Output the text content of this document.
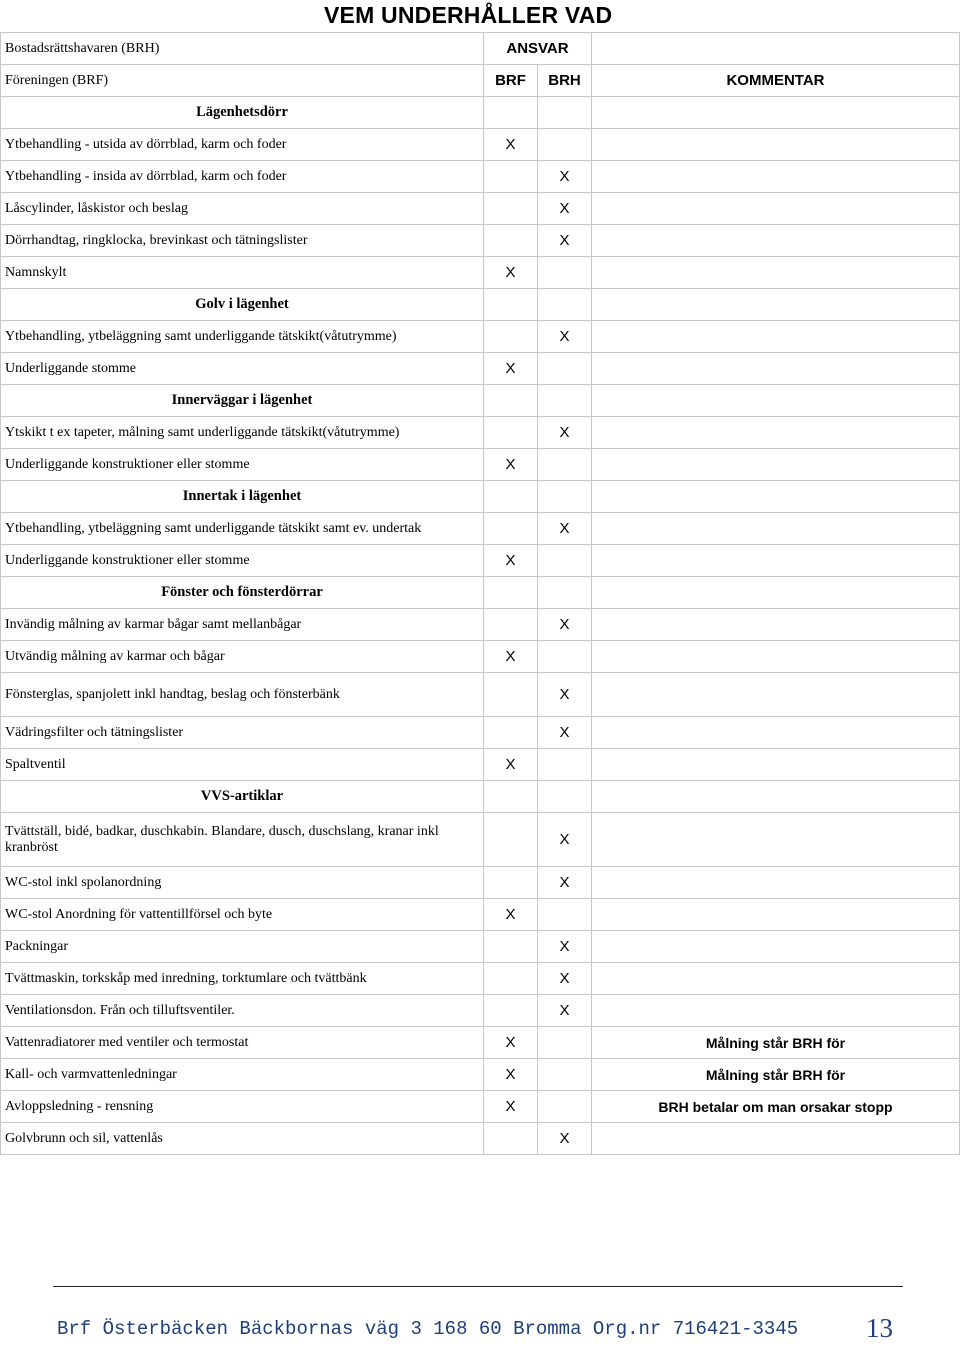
VEM UNDERHÅLLER VAD
Bostadsrättshavaren (BRH)	ANSVAR		
Föreningen (BRF)	BRF	BRH	KOMMENTAR
Lägenhetsdörr			
Ytbehandling - utsida av dörrblad, karm och foder	X		
Ytbehandling - insida av dörrblad, karm och foder		X	
Låscylinder, låskistor och beslag		X	
Dörrhandtag, ringklocka, brevinkast och tätningslister		X	
Namnskylt	X		
Golv i lägenhet			
Ytbehandling, ytbeläggning samt underliggande tätskikt(våtutrymme)		X	
Underliggande stomme	X		
Innerväggar i lägenhet			
Ytskikt t ex tapeter, målning samt underliggande tätskikt(våtutrymme)		X	
Underliggande konstruktioner eller stomme	X		
Innertak i lägenhet			
Ytbehandling, ytbeläggning samt underliggande tätskikt samt ev. undertak		X	
Underliggande konstruktioner eller stomme	X		
Fönster och fönsterdörrar			
Invändig målning av karmar bågar samt mellanbågar		X	
Utvändig målning av karmar och bågar	X		
Fönsterglas, spanjolett inkl handtag, beslag och fönsterbänk		X	
Vädringsfilter och tätningslister		X	
Spaltventil	X		
VVS-artiklar			
Tvättställ, bidé, badkar, duschkabin. Blandare, dusch, duschslang, kranar inkl kranbröst		X	
WC-stol inkl spolanordning		X	
WC-stol Anordning för vattentillförsel och byte	X		
Packningar		X	
Tvättmaskin, torkskåp med inredning, torktumlare och tvättbänk		X	
Ventilationsdon. Från och tilluftsventiler.		X	
Vattenradiatorer med ventiler och termostat	X		Målning står BRH för
Kall- och varmvattenledningar	X		Målning står BRH för
Avloppsledning - rensning	X		BRH betalar om man orsakar stopp
Golvbrunn och sil, vattenlås		X	
Brf Österbäcken Bäckbornas väg 3 168 60 Bromma Org.nr 716421-3345	13
